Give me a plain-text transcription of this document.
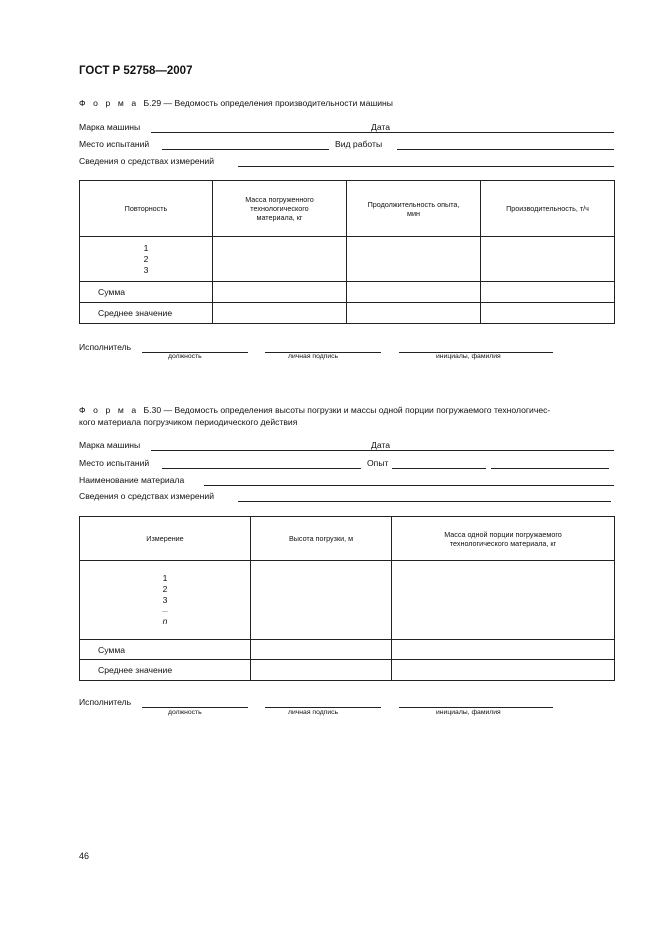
ГОСТ Р 52758—2007
Ф о р м а Б.29 — Ведомость определения производительности машины
Марка машины	Дата
Место испытаний	Вид работы
Сведения о средствах измерений
Повторность	Масса погруженного технологического материала, кг	Продолжительность опыта, мин	Производительность, т/ч

1
2
3			

Сумма			
Среднее значение			
Исполнитель
должность	личная подпись	инициалы, фамилия
Ф о р м а Б.30 — Ведомость определения высоты погрузки и массы одной порции погружаемого технологичес-
кого материала погрузчиком периодического действия
Марка машины	Дата
Место испытаний	Опыт
Наименование материала
Сведения о средствах измерений
Измерение	Высота погрузки, м	Масса одной порции погружаемого технологического материала, кг

1
2
3
...
n		

Сумма		
Среднее значение		
Исполнитель
должность	личная подпись	инициалы, фамилия
46
